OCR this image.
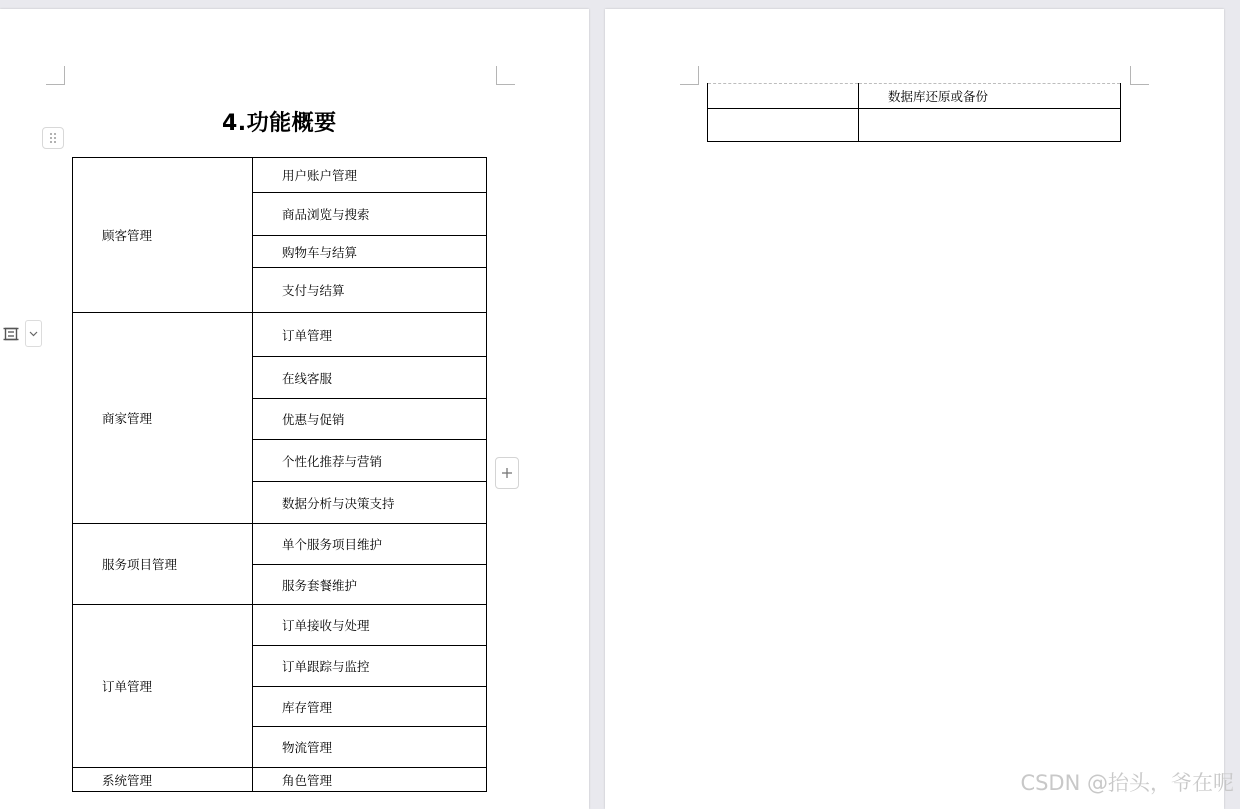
4.功能概要
顾客管理	用户账户管理
	商品浏览与搜索
	购物车与结算
	支付与结算
商家管理	订单管理
	在线客服
	优惠与促销
	个性化推荐与营销
	数据分析与决策支持
服务项目管理	单个服务项目维护
	服务套餐维护
订单管理	订单接收与处理
	订单跟踪与监控
	库存管理
	物流管理
系统管理	角色管理
	数据库还原或备份

CSDN @抬头，爷在呢
